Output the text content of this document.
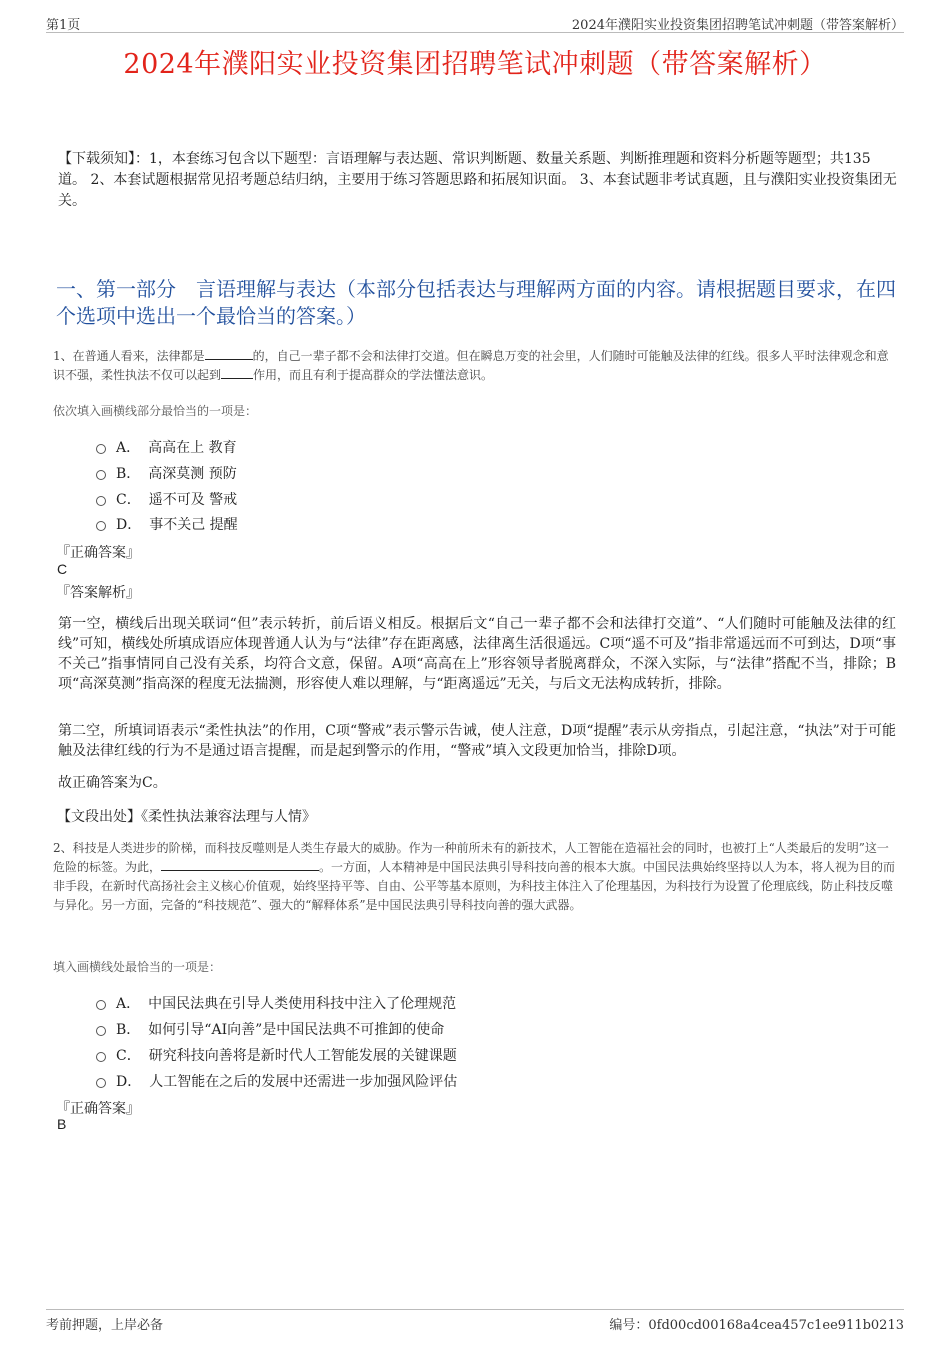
第1页	2024年濮阳实业投资集团招聘笔试冲刺题（带答案解析）
2024年濮阳实业投资集团招聘笔试冲刺题（带答案解析）
【下载须知】：1，本套练习包含以下题型：言语理解与表达题、常识判断题、数量关系题、判断推理题和资料分析题等题型；共135道。 2、本套试题根据常见招考题总结归纳，主要用于练习答题思路和拓展知识面。 3、本套试题非考试真题，且与濮阳实业投资集团无关。
一、第一部分　言语理解与表达（本部分包括表达与理解两方面的内容。请根据题目要求，在四个选项中选出一个最恰当的答案。）
1、在普通人看来，法律都是	的，自己一辈子都不会和法律打交道。但在瞬息万变的社会里，人们随时可能触及法律的红线。很多人平时法律观念和意识不强，柔性执法不仅可以起到	作用，而且有利于提高群众的学法懂法意识。
依次填入画横线部分最恰当的一项是：
A． 高高在上 教育
B． 高深莫测 预防
C． 遥不可及 警戒
D． 事不关己 提醒
『正确答案』
C
『答案解析』
第一空，横线后出现关联词“但”表示转折，前后语义相反。根据后文“自己一辈子都不会和法律打交道”、“人们随时可能触及法律的红线”可知，横线处所填成语应体现普通人认为与“法律”存在距离感，法律离生活很遥远。C项“遥不可及”指非常遥远而不可到达，D项“事不关己”指事情同自己没有关系，均符合文意，保留。A项“高高在上”形容领导者脱离群众，不深入实际，与“法律”搭配不当，排除；B项“高深莫测”指高深的程度无法揣测，形容使人难以理解，与“距离遥远”无关，与后文无法构成转折，排除。
第二空，所填词语表示“柔性执法”的作用，C项“警戒”表示警示告诫，使人注意，D项“提醒”表示从旁指点，引起注意，“执法”对于可能触及法律红线的行为不是通过语言提醒，而是起到警示的作用，“警戒”填入文段更加恰当，排除D项。
故正确答案为C。
【文段出处】《柔性执法兼容法理与人情》
2、科技是人类进步的阶梯，而科技反噬则是人类生存最大的威胁。作为一种前所未有的新技术，人工智能在造福社会的同时，也被打上“人类最后的发明”这一危险的标签。为此，	。一方面，人本精神是中国民法典引导科技向善的根本大旗。中国民法典始终坚持以人为本，将人视为目的而非手段，在新时代高扬社会主义核心价值观，始终坚持平等、自由、公平等基本原则，为科技主体注入了伦理基因，为科技行为设置了伦理底线，防止科技反噬与异化。另一方面，完备的“科技规范”、强大的“解释体系”是中国民法典引导科技向善的强大武器。
填入画横线处最恰当的一项是：
A． 中国民法典在引导人类使用科技中注入了伦理规范
B． 如何引导“AI向善”是中国民法典不可推卸的使命
C． 研究科技向善将是新时代人工智能发展的关键课题
D． 人工智能在之后的发展中还需进一步加强风险评估
『正确答案』
B
考前押题，上岸必备	编号：0fd00cd00168a4cea457c1ee911b0213
